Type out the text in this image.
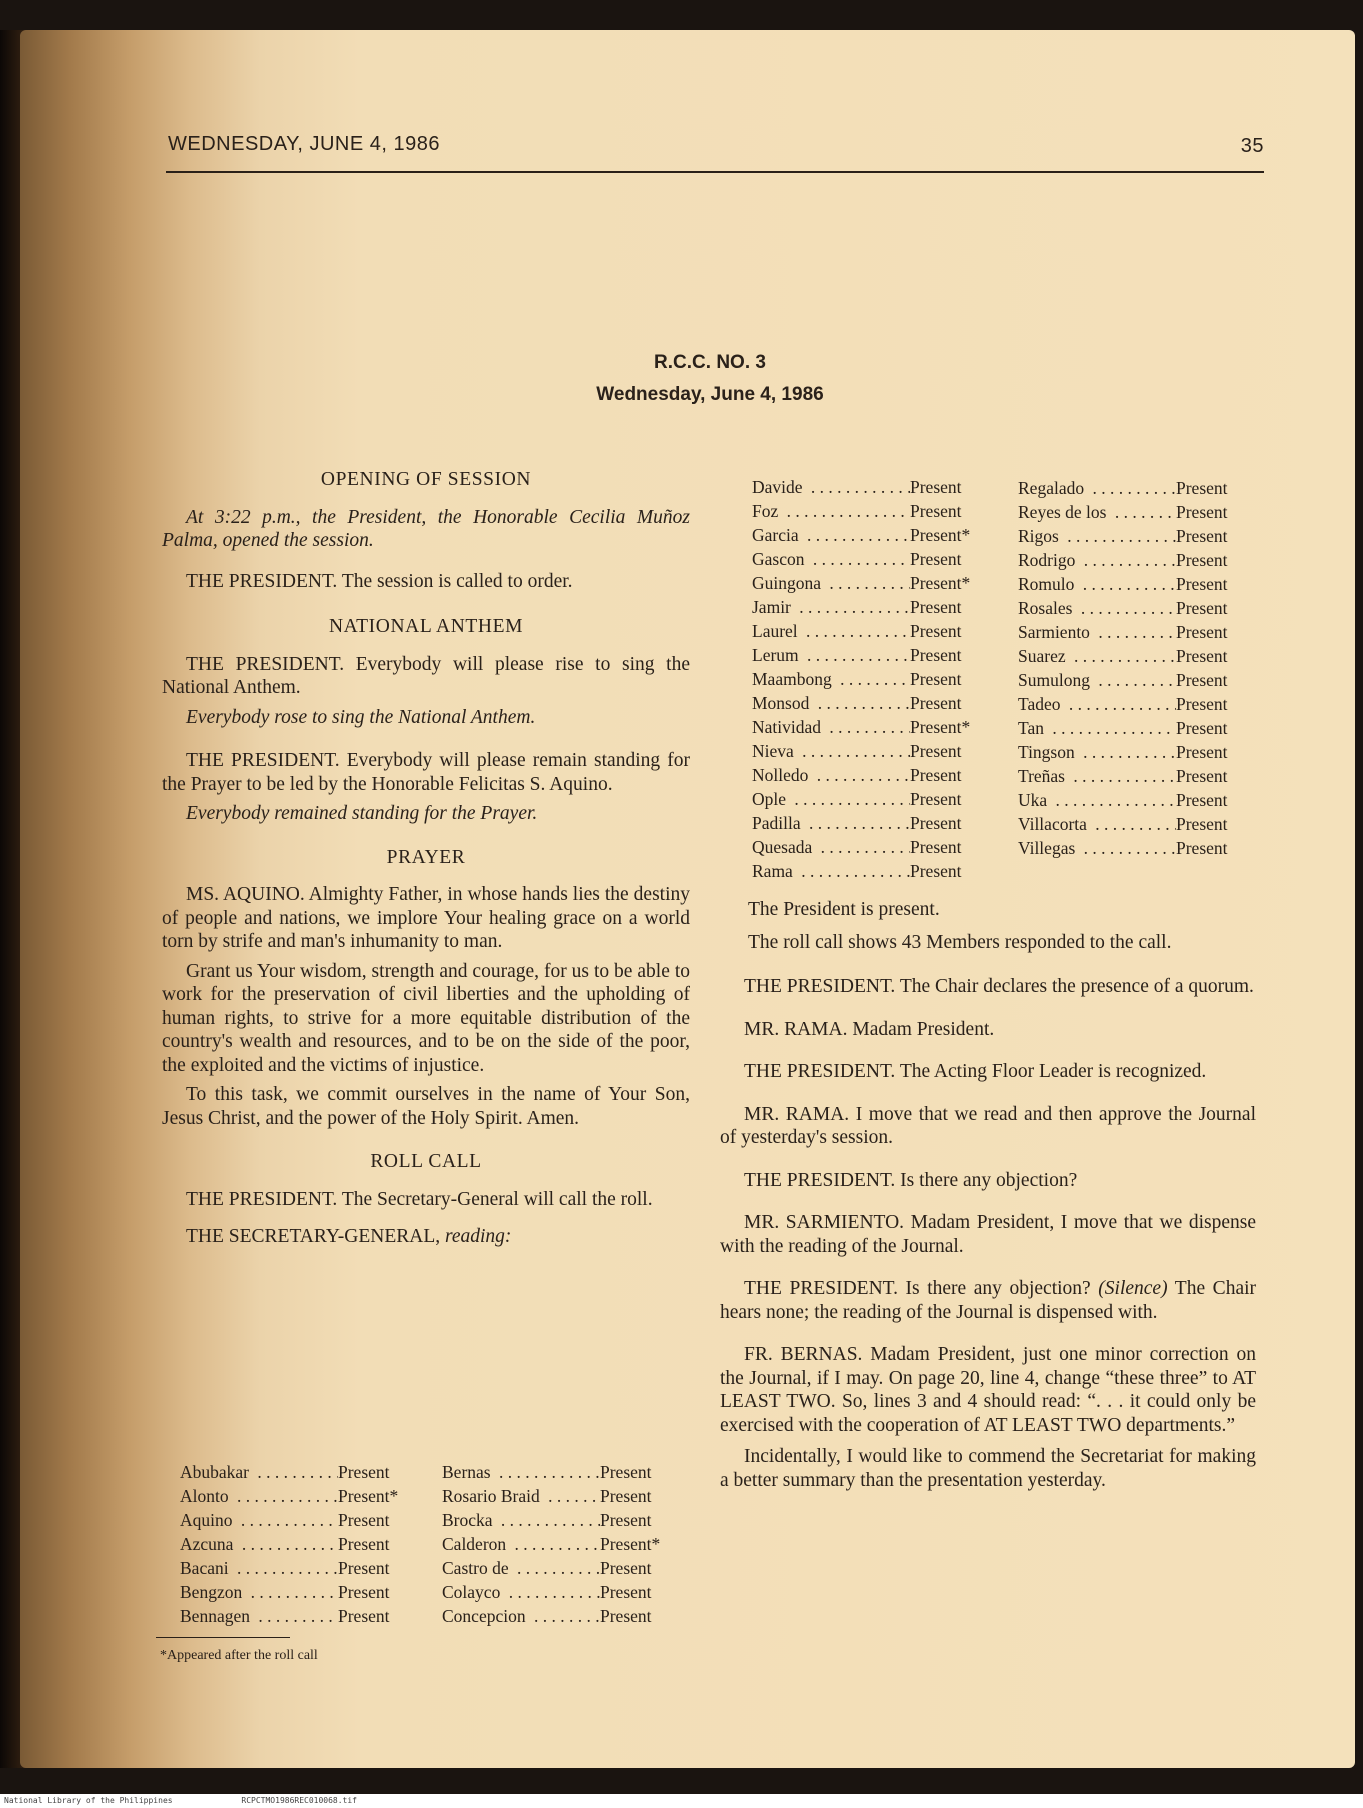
WEDNESDAY, JUNE 4, 1986	35
R.C.C. NO. 3
Wednesday, June 4, 1986
OPENING OF SESSION

At 3:22 p.m., the President, the Honorable Cecilia Muñoz Palma, opened the session.

THE PRESIDENT. The session is called to order.

NATIONAL ANTHEM

THE PRESIDENT. Everybody will please rise to sing the National Anthem.

Everybody rose to sing the National Anthem.

THE PRESIDENT. Everybody will please remain standing for the Prayer to be led by the Honorable Felicitas S. Aquino.

Everybody remained standing for the Prayer.

PRAYER

MS. AQUINO. Almighty Father, in whose hands lies the destiny of people and nations, we implore Your healing grace on a world torn by strife and man's inhumanity to man.

Grant us Your wisdom, strength and courage, for us to be able to work for the preservation of civil liberties and the upholding of human rights, to strive for a more equitable distribution of the country's wealth and resources, and to be on the side of the poor, the exploited and the victims of injustice.

To this task, we commit ourselves in the name of Your Son, Jesus Christ, and the power of the Holy Spirit. Amen.

ROLL CALL

THE PRESIDENT. The Secretary-General will call the roll.

THE SECRETARY-GENERAL, reading:

Abubakar . . .	Present
Alonto . . .	Present*
Aquino . . .	Present
Azcuna . . .	Present
Bacani . . .	Present
Bengzon . . .	Present
Bennagen . . .	Present
Bernas . . .	Present
Rosario Braid . . .	Present
Brocka . . .	Present
Calderon . . .	Present*
Castro de . . .	Present
Colayco . . .	Present
Concepcion . . .	Present
Davide . . .	Present
Foz . . .	Present
Garcia . . .	Present*
Gascon . . .	Present
Guingona . . .	Present*
Jamir . . .	Present
Laurel . . .	Present
Lerum . . .	Present
Maambong . . .	Present
Monsod . . .	Present
Natividad . . .	Present*
Nieva . . .	Present
Nolledo . . .	Present
Ople . . .	Present
Padilla . . .	Present
Quesada . . .	Present
Rama . . .	Present
Regalado . . .	Present
Reyes de los . . .	Present
Rigos . . .	Present
Rodrigo . . .	Present
Romulo . . .	Present
Rosales . . .	Present
Sarmiento . . .	Present
Suarez . . .	Present
Sumulong . . .	Present
Tadeo . . .	Present
Tan . . .	Present
Tingson . . .	Present
Treñas . . .	Present
Uka . . .	Present
Villacorta . . .	Present
Villegas . . .	Present
*Appeared after the roll call

The President is present.

The roll call shows 43 Members responded to the call.

THE PRESIDENT. The Chair declares the presence of a quorum.

MR. RAMA. Madam President.

THE PRESIDENT. The Acting Floor Leader is recognized.

MR. RAMA. I move that we read and then approve the Journal of yesterday's session.

THE PRESIDENT. Is there any objection?

MR. SARMIENTO. Madam President, I move that we dispense with the reading of the Journal.

THE PRESIDENT. Is there any objection? (Silence) The Chair hears none; the reading of the Journal is dispensed with.

FR. BERNAS. Madam President, just one minor correction on the Journal, if I may. On page 20, line 4, change “these three” to AT LEAST TWO. So, lines 3 and 4 should read: “. . . it could only be exercised with the cooperation of AT LEAST TWO departments.”

Incidentally, I would like to commend the Secretariat for making a better summary than the presentation yesterday.

National Library of the Philippines	RCPCTMO1986REC010068.tif
